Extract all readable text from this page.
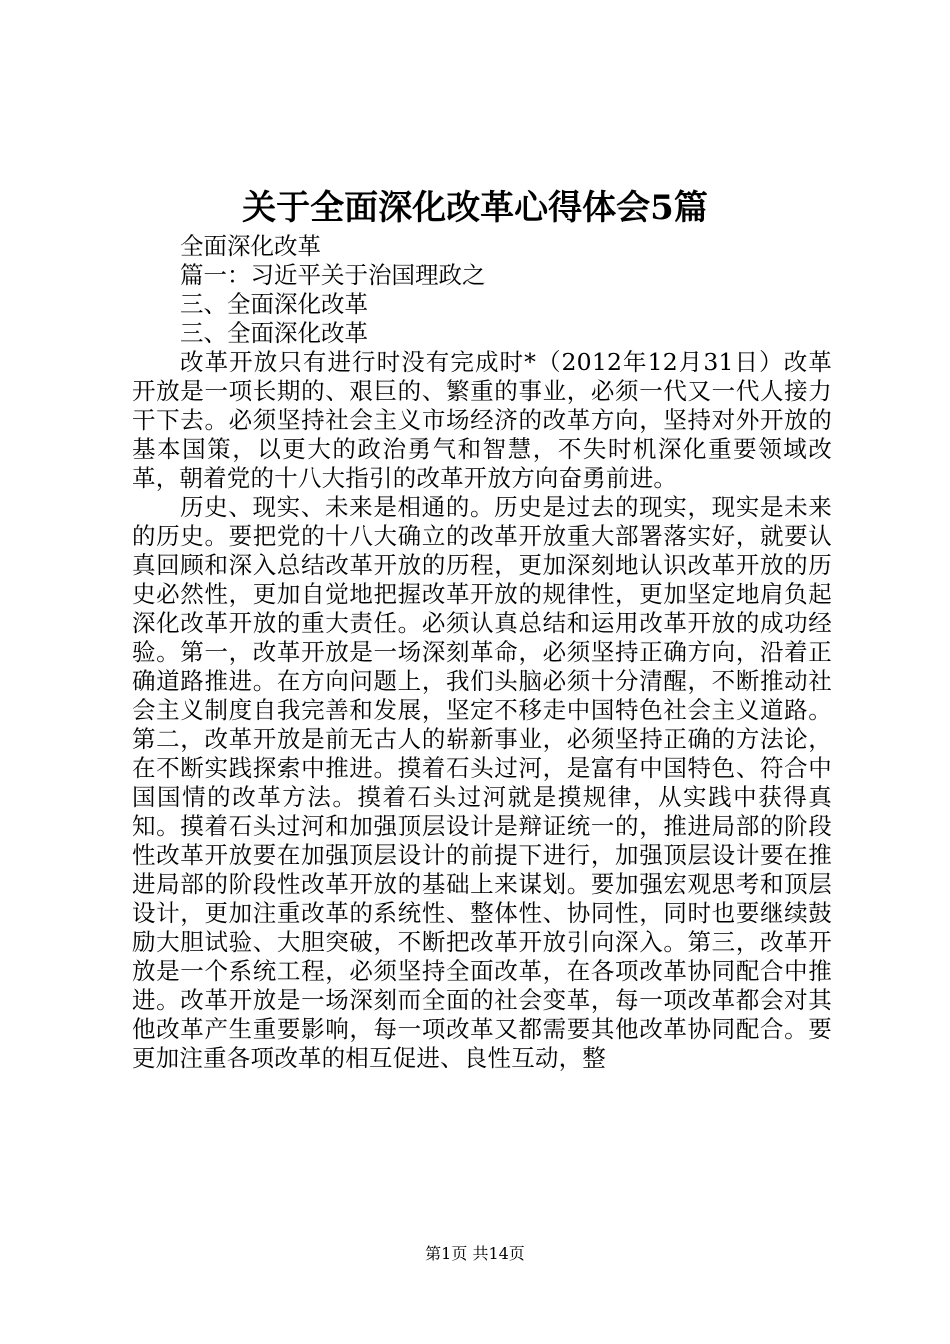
关于全面深化改革心得体会5篇

全面深化改革

篇一：习近平关于治国理政之

三、全面深化改革

三、全面深化改革

改革开放只有进行时没有完成时*（2012年12月31日）改革开放是一项长期的、艰巨的、繁重的事业，必须一代又一代人接力干下去。必须坚持社会主义市场经济的改革方向，坚持对外开放的基本国策，以更大的政治勇气和智慧，不失时机深化重要领域改革，朝着党的十八大指引的改革开放方向奋勇前进。

历史、现实、未来是相通的。历史是过去的现实，现实是未来的历史。要把党的十八大确立的改革开放重大部署落实好，就要认真回顾和深入总结改革开放的历程，更加深刻地认识改革开放的历史必然性，更加自觉地把握改革开放的规律性，更加坚定地肩负起深化改革开放的重大责任。必须认真总结和运用改革开放的成功经验。第一，改革开放是一场深刻革命，必须坚持正确方向，沿着正确道路推进。在方向问题上，我们头脑必须十分清醒，不断推动社会主义制度自我完善和发展，坚定不移走中国特色社会主义道路。第二，改革开放是前无古人的崭新事业，必须坚持正确的方法论，在不断实践探索中推进。摸着石头过河，是富有中国特色、符合中国国情的改革方法。摸着石头过河就是摸规律，从实践中获得真知。摸着石头过河和加强顶层设计是辩证统一的，推进局部的阶段性改革开放要在加强顶层设计的前提下进行，加强顶层设计要在推进局部的阶段性改革开放的基础上来谋划。要加强宏观思考和顶层设计，更加注重改革的系统性、整体性、协同性，同时也要继续鼓励大胆试验、大胆突破，不断把改革开放引向深入。第三，改革开放是一个系统工程，必须坚持全面改革，在各项改革协同配合中推进。改革开放是一场深刻而全面的社会变革，每一项改革都会对其他改革产生重要影响，每一项改革又都需要其他改革协同配合。要更加注重各项改革的相互促进、良性互动，整

第1页 共14页
